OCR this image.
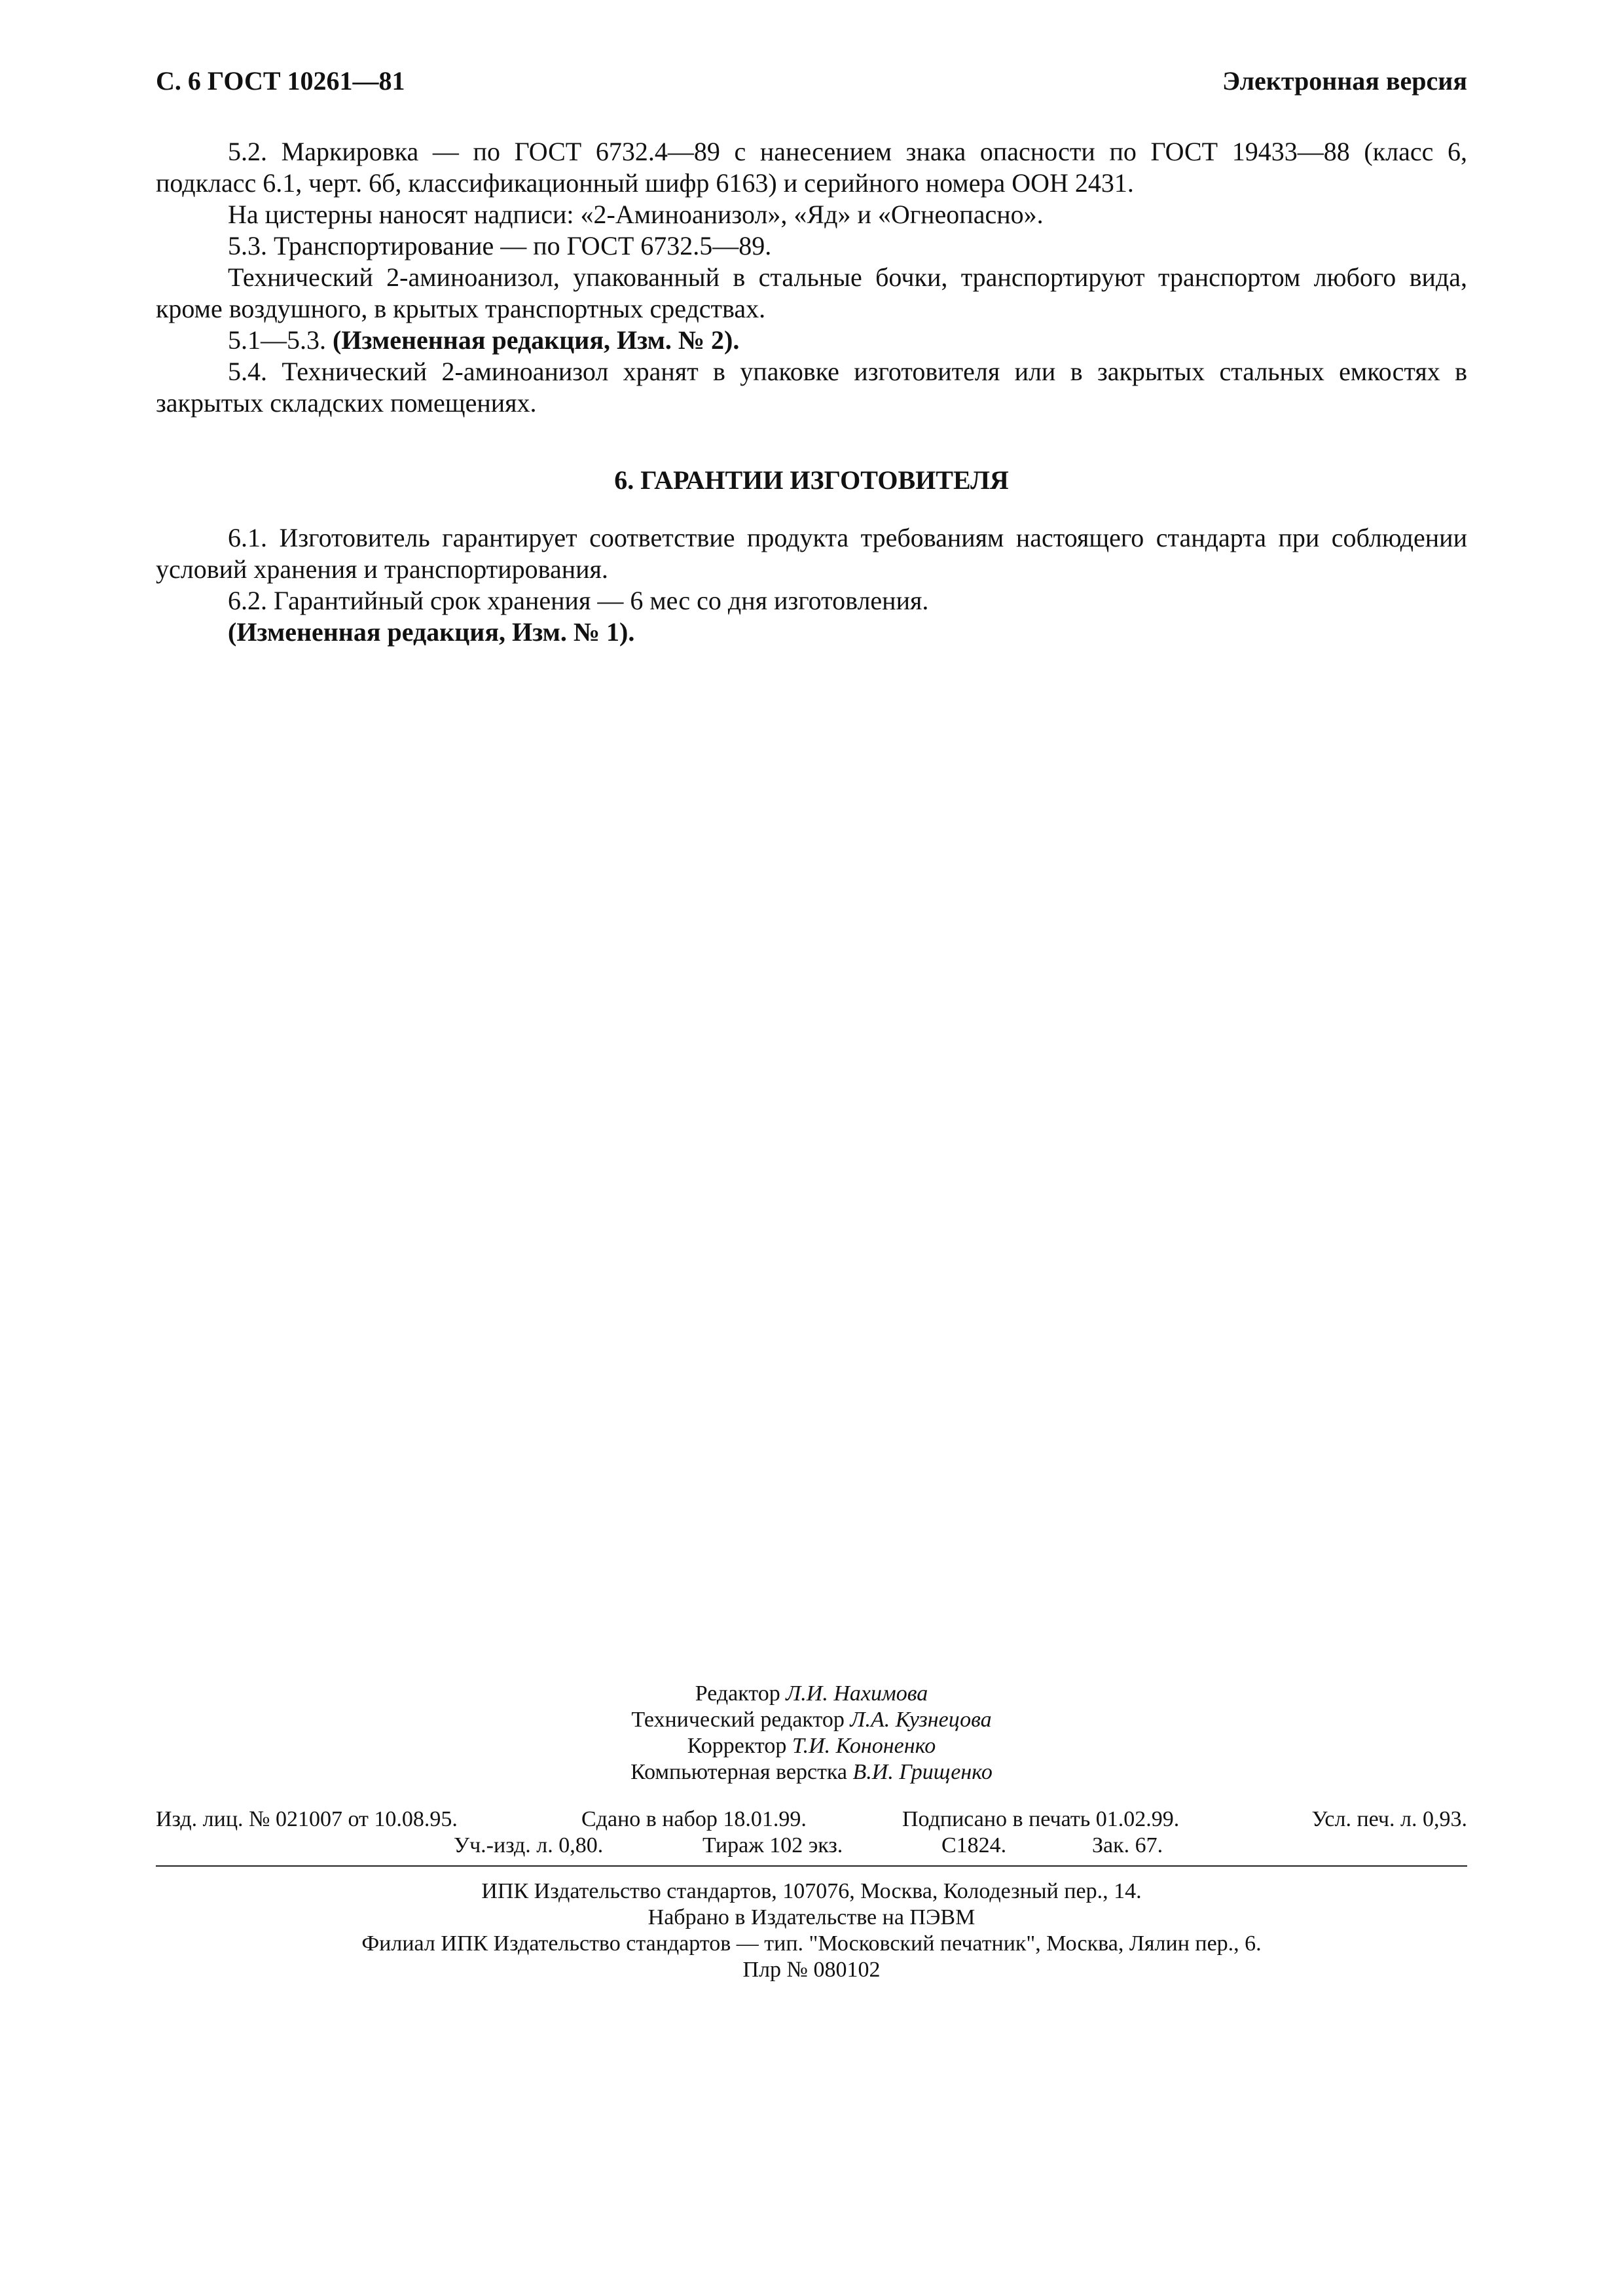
С. 6 ГОСТ 10261—81	Электронная версия

5.2. Маркировка — по ГОСТ 6732.4—89 с нанесением знака опасности по ГОСТ 19433—88 (класс 6, подкласс 6.1, черт. 6б, классификационный шифр 6163) и серийного номера ООН 2431.

На цистерны наносят надписи: «2-Аминоанизол», «Яд» и «Огнеопасно».

5.3. Транспортирование — по ГОСТ 6732.5—89.

Технический 2-аминоанизол, упакованный в стальные бочки, транспортируют транспортом любого вида, кроме воздушного, в крытых транспортных средствах.

5.1—5.3. (Измененная редакция, Изм. № 2).

5.4. Технический 2-аминоанизол хранят в упаковке изготовителя или в закрытых стальных емкостях в закрытых складских помещениях.

6. ГАРАНТИИ ИЗГОТОВИТЕЛЯ

6.1. Изготовитель гарантирует соответствие продукта требованиям настоящего стандарта при соблюдении условий хранения и транспортирования.

6.2. Гарантийный срок хранения — 6 мес со дня изготовления.

(Измененная редакция, Изм. № 1).

Редактор Л.И. Нахимова
Технический редактор Л.А. Кузнецова
Корректор Т.И. Кононенко
Компьютерная верстка В.И. Грищенко
Изд. лиц. № 021007 от 10.08.95.	Сдано в набор 18.01.99.	Подписано в печать 01.02.99.	Усл. печ. л. 0,93.
Уч.-изд. л. 0,80.	Тираж 102 экз.	С1824.	Зак. 67.
ИПК Издательство стандартов, 107076, Москва, Колодезный пер., 14.
Набрано в Издательстве на ПЭВМ
Филиал ИПК Издательство стандартов — тип. "Московский печатник", Москва, Лялин пер., 6.
Плр № 080102
